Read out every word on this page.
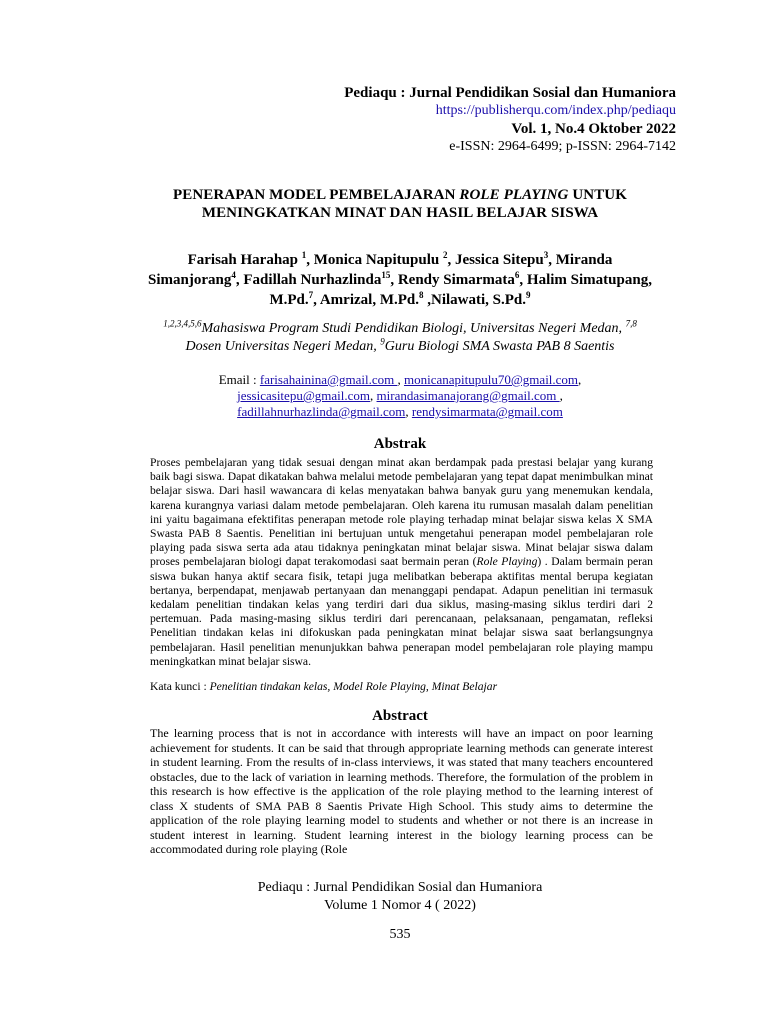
Pediaqu : Jurnal Pendidikan Sosial dan Humaniora
https://publisherqu.com/index.php/pediaqu
Vol. 1, No.4 Oktober 2022
e-ISSN: 2964-6499; p-ISSN: 2964-7142
PENERAPAN MODEL PEMBELAJARAN ROLE PLAYING UNTUK
MENINGKATKAN MINAT DAN HASIL BELAJAR SISWA
Farisah Harahap $^1$, Monica Napitupulu $^2$, Jessica Sitepu$^3$, Miranda Simanjorang$^4$, Fadillah Nurhazlinda$^{15}$, Rendy Simarmata$^6$, Halim Simatupang, M.Pd.$^7$, Amrizal, M.Pd.$^8$ ,Nilawati, S.Pd.$^9$
$^{1,2,3,4,5,6}$Mahasiswa Program Studi Pendidikan Biologi, Universitas Negeri Medan, $^{7,8}$ Dosen Universitas Negeri Medan, $^9$Guru Biologi SMA Swasta PAB 8 Saentis
Email : farisahainina@gmail.com , monicanapitupulu70@gmail.com,
jessicasitepu@gmail.com, mirandasimanajorang@gmail.com ,
fadillahnurhazlinda@gmail.com, rendysimarmata@gmail.com
Abstrak
Proses pembelajaran yang tidak sesuai dengan minat akan berdampak pada prestasi belajar yang kurang baik bagi siswa. Dapat dikatakan bahwa melalui metode pembelajaran yang tepat dapat menimbulkan minat belajar siswa. Dari hasil wawancara di kelas menyatakan bahwa banyak guru yang menemukan kendala, karena kurangnya variasi dalam metode pembelajaran. Oleh karena itu rumusan masalah dalam penelitian ini yaitu bagaimana efektifitas penerapan metode role playing terhadap minat belajar siswa kelas X SMA Swasta PAB 8 Saentis. Penelitian ini bertujuan untuk mengetahui penerapan model pembelajaran role playing pada siswa serta ada atau tidaknya peningkatan minat belajar siswa. Minat belajar siswa dalam proses pembelajaran biologi dapat terakomodasi saat bermain peran (Role Playing) . Dalam bermain peran siswa bukan hanya aktif secara fisik, tetapi juga melibatkan beberapa aktifitas mental berupa kegiatan bertanya, berpendapat, menjawab pertanyaan dan menanggapi pendapat. Adapun penelitian ini termasuk kedalam penelitian tindakan kelas yang terdiri dari dua siklus, masing-masing siklus terdiri dari 2 pertemuan. Pada masing-masing siklus terdiri dari perencanaan, pelaksanaan, pengamatan, refleksi Penelitian tindakan kelas ini difokuskan pada peningkatan minat belajar siswa saat berlangsungnya pembelajaran. Hasil penelitian menunjukkan bahwa penerapan model pembelajaran role playing mampu meningkatkan minat belajar siswa.
Kata kunci : Penelitian tindakan kelas, Model Role Playing, Minat Belajar
Abstract
The learning process that is not in accordance with interests will have an impact on poor learning achievement for students. It can be said that through appropriate learning methods can generate interest in student learning. From the results of in-class interviews, it was stated that many teachers encountered obstacles, due to the lack of variation in learning methods. Therefore, the formulation of the problem in this research is how effective is the application of the role playing method to the learning interest of class X students of SMA PAB 8 Saentis Private High School. This study aims to determine the application of the role playing learning model to students and whether or not there is an increase in student interest in learning. Student learning interest in the biology learning process can be accommodated during role playing (Role
Pediaqu : Jurnal Pendidikan Sosial dan Humaniora
Volume 1 Nomor 4 ( 2022)
535
